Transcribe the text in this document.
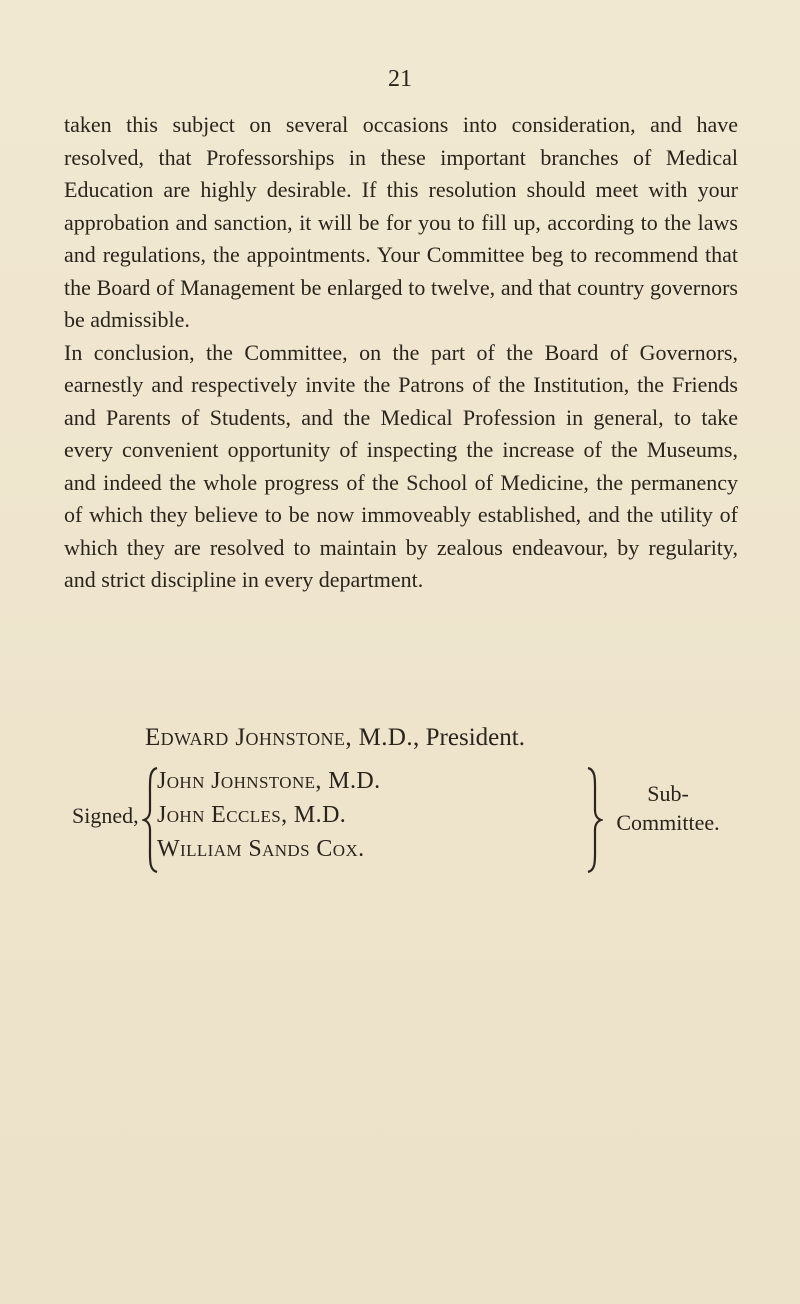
21

taken this subject on several occasions into consideration, and have resolved, that Professorships in these important branches of Medical Education are highly desirable. If this resolution should meet with your approbation and sanction, it will be for you to fill up, according to the laws and regulations, the appointments. Your Committee beg to recommend that the Board of Management be enlarged to twelve, and that country governors be admissible.

In conclusion, the Committee, on the part of the Board of Governors, earnestly and respectively invite the Patrons of the Institution, the Friends and Parents of Students, and the Medical Profession in general, to take every convenient opportunity of inspecting the increase of the Museums, and indeed the whole progress of the School of Medicine, the permanency of which they believe to be now immoveably established, and the utility of which they are resolved to maintain by zealous endeavour, by regularity, and strict discipline in every department.

Edward Johnstone, M.D., President.
Signed,
John Johnstone, M.D.
John Eccles, M.D.
William Sands Cox.
Sub-
Committee.
